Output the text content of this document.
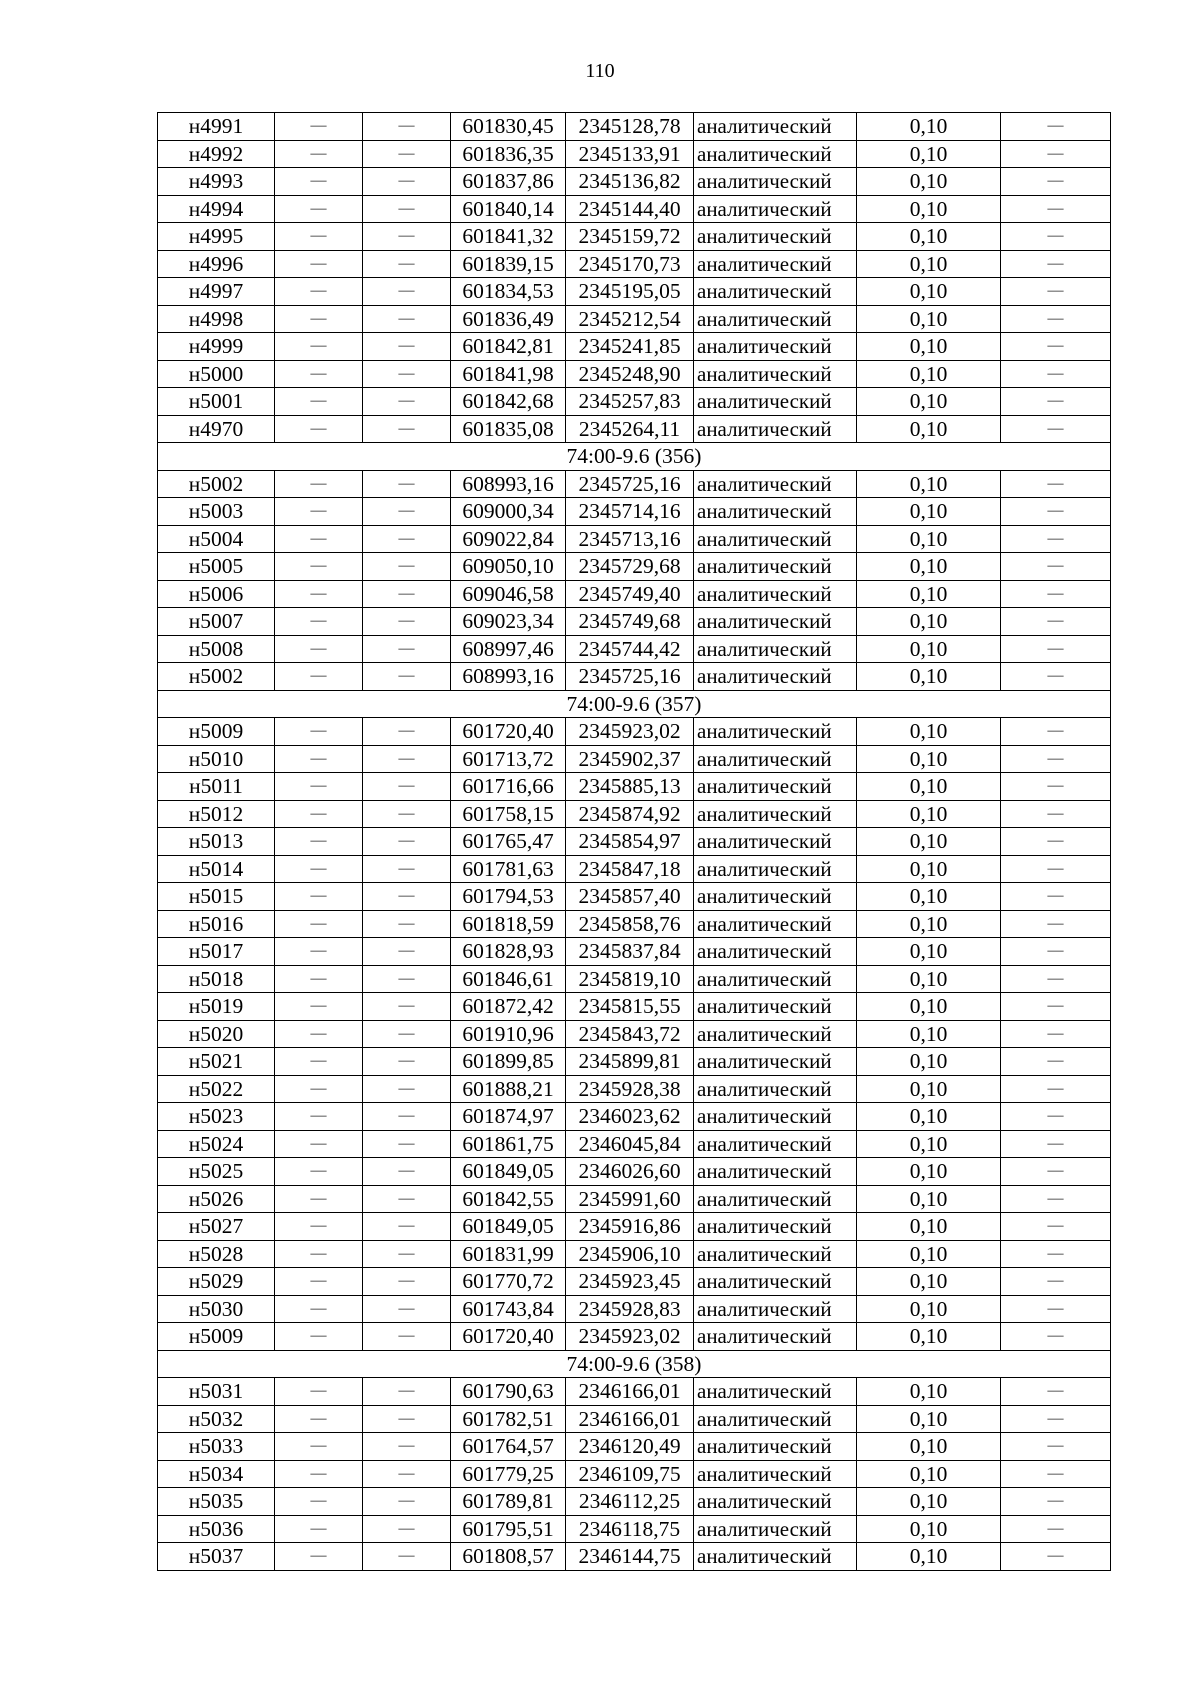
110
н4991	—	—	601830,45	2345128,78	аналитический	0,10	—
н4992	—	—	601836,35	2345133,91	аналитический	0,10	—
н4993	—	—	601837,86	2345136,82	аналитический	0,10	—
н4994	—	—	601840,14	2345144,40	аналитический	0,10	—
н4995	—	—	601841,32	2345159,72	аналитический	0,10	—
н4996	—	—	601839,15	2345170,73	аналитический	0,10	—
н4997	—	—	601834,53	2345195,05	аналитический	0,10	—
н4998	—	—	601836,49	2345212,54	аналитический	0,10	—
н4999	—	—	601842,81	2345241,85	аналитический	0,10	—
н5000	—	—	601841,98	2345248,90	аналитический	0,10	—
н5001	—	—	601842,68	2345257,83	аналитический	0,10	—
н4970	—	—	601835,08	2345264,11	аналитический	0,10	—
74:00-9.6 (356)							
н5002	—	—	608993,16	2345725,16	аналитический	0,10	—
н5003	—	—	609000,34	2345714,16	аналитический	0,10	—
н5004	—	—	609022,84	2345713,16	аналитический	0,10	—
н5005	—	—	609050,10	2345729,68	аналитический	0,10	—
н5006	—	—	609046,58	2345749,40	аналитический	0,10	—
н5007	—	—	609023,34	2345749,68	аналитический	0,10	—
н5008	—	—	608997,46	2345744,42	аналитический	0,10	—
н5002	—	—	608993,16	2345725,16	аналитический	0,10	—
74:00-9.6 (357)							
н5009	—	—	601720,40	2345923,02	аналитический	0,10	—
н5010	—	—	601713,72	2345902,37	аналитический	0,10	—
н5011	—	—	601716,66	2345885,13	аналитический	0,10	—
н5012	—	—	601758,15	2345874,92	аналитический	0,10	—
н5013	—	—	601765,47	2345854,97	аналитический	0,10	—
н5014	—	—	601781,63	2345847,18	аналитический	0,10	—
н5015	—	—	601794,53	2345857,40	аналитический	0,10	—
н5016	—	—	601818,59	2345858,76	аналитический	0,10	—
н5017	—	—	601828,93	2345837,84	аналитический	0,10	—
н5018	—	—	601846,61	2345819,10	аналитический	0,10	—
н5019	—	—	601872,42	2345815,55	аналитический	0,10	—
н5020	—	—	601910,96	2345843,72	аналитический	0,10	—
н5021	—	—	601899,85	2345899,81	аналитический	0,10	—
н5022	—	—	601888,21	2345928,38	аналитический	0,10	—
н5023	—	—	601874,97	2346023,62	аналитический	0,10	—
н5024	—	—	601861,75	2346045,84	аналитический	0,10	—
н5025	—	—	601849,05	2346026,60	аналитический	0,10	—
н5026	—	—	601842,55	2345991,60	аналитический	0,10	—
н5027	—	—	601849,05	2345916,86	аналитический	0,10	—
н5028	—	—	601831,99	2345906,10	аналитический	0,10	—
н5029	—	—	601770,72	2345923,45	аналитический	0,10	—
н5030	—	—	601743,84	2345928,83	аналитический	0,10	—
н5009	—	—	601720,40	2345923,02	аналитический	0,10	—
74:00-9.6 (358)							
н5031	—	—	601790,63	2346166,01	аналитический	0,10	—
н5032	—	—	601782,51	2346166,01	аналитический	0,10	—
н5033	—	—	601764,57	2346120,49	аналитический	0,10	—
н5034	—	—	601779,25	2346109,75	аналитический	0,10	—
н5035	—	—	601789,81	2346112,25	аналитический	0,10	—
н5036	—	—	601795,51	2346118,75	аналитический	0,10	—
н5037	—	—	601808,57	2346144,75	аналитический	0,10	—
